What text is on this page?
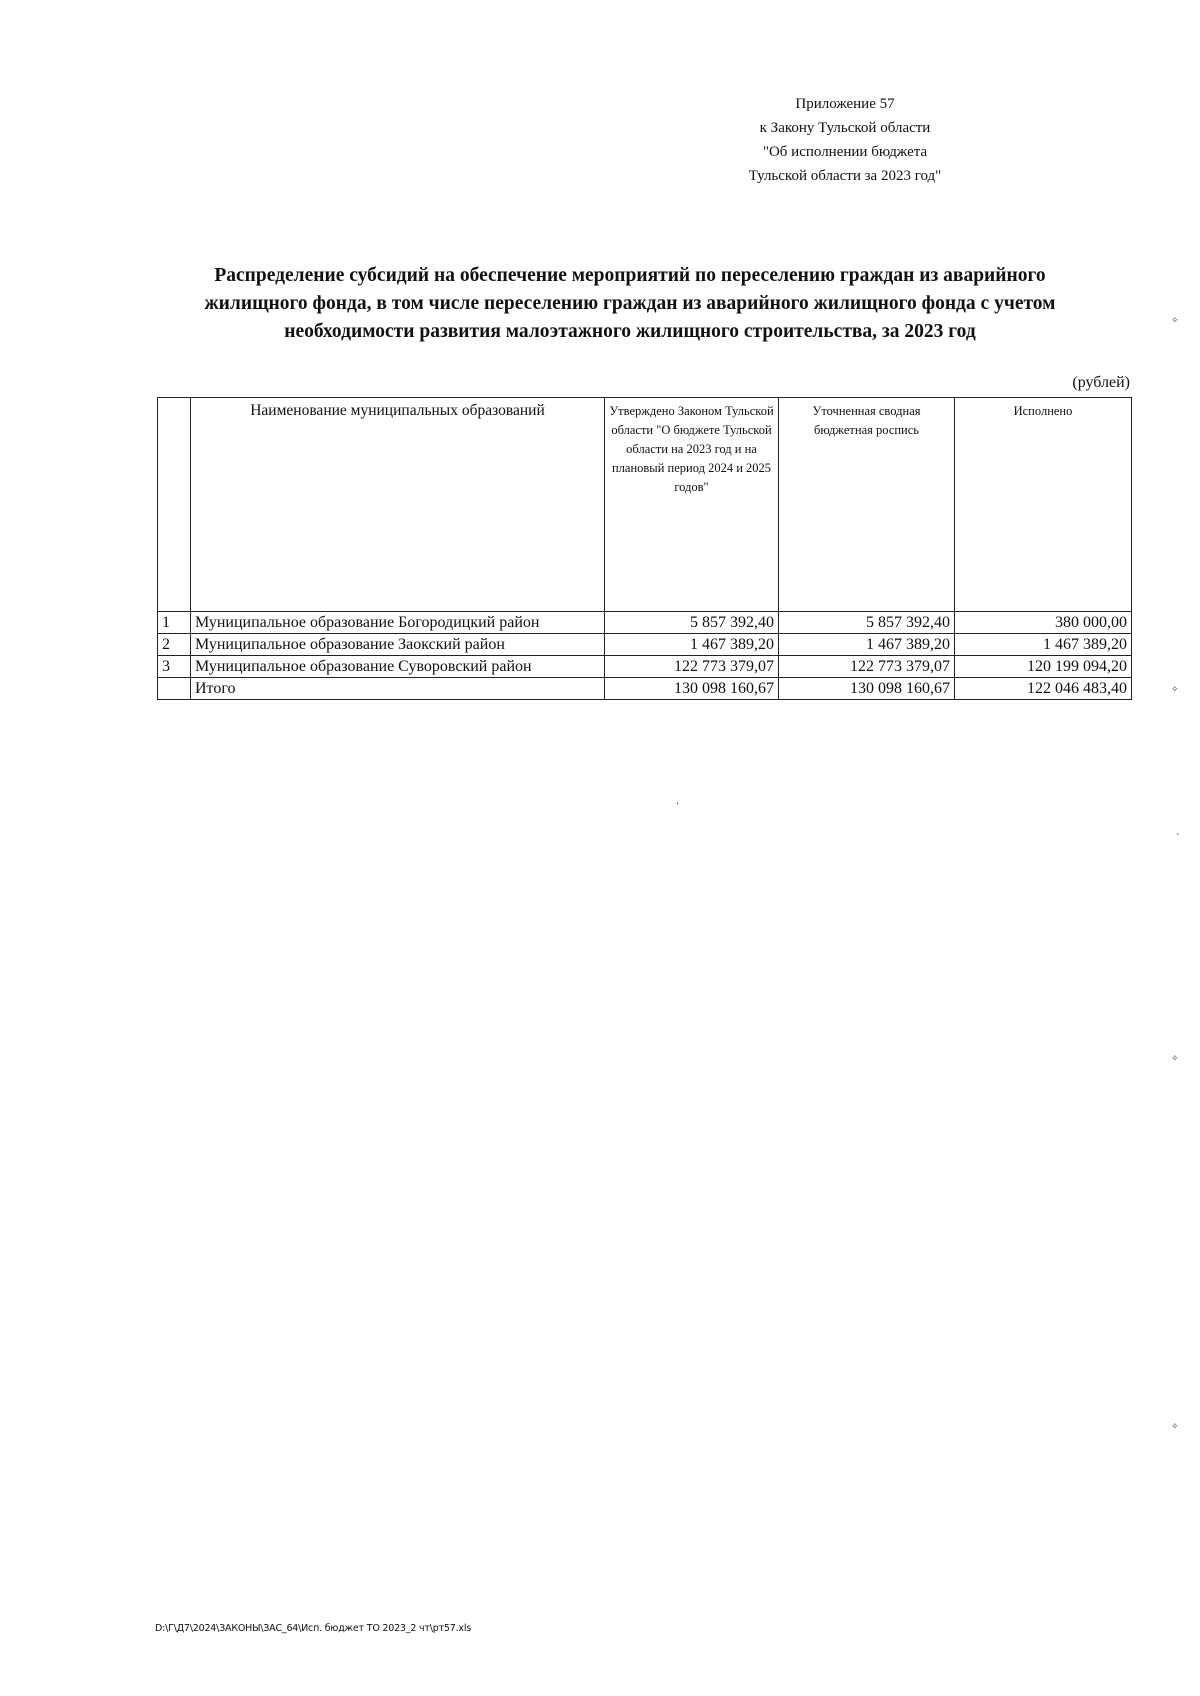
Приложение 57
к Закону Тульской области
"Об исполнении бюджета
Тульской области за 2023 год"
Распределение субсидий на обеспечение мероприятий по переселению граждан из аварийного
жилищного фонда, в том числе переселению граждан из аварийного жилищного фонда с учетом
необходимости развития малоэтажного жилищного строительства, за 2023 год
(рублей)

	Наименование муниципальных образований	Утверждено Законом Тульской области "О бюджете Тульской области на 2023 год и на плановый период 2024 и 2025 годов"	Уточненная сводная бюджетная роспись	Исполнено
1	Муниципальное образование Богородицкий район	5 857 392,40	5 857 392,40	380 000,00
2	Муниципальное образование Заокский район	1 467 389,20	1 467 389,20	1 467 389,20
3	Муниципальное образование Суворовский район	122 773 379,07	122 773 379,07	120 199 094,20
	Итого	130 098 160,67	130 098 160,67	122 046 483,40
✧
✧
’
ˎ
✧
✧
D:\Г\Д7\2024\ЗАКОНЫ\ЗАС_64\Исп. бюджет ТО 2023_2 чт\рт57.xls
